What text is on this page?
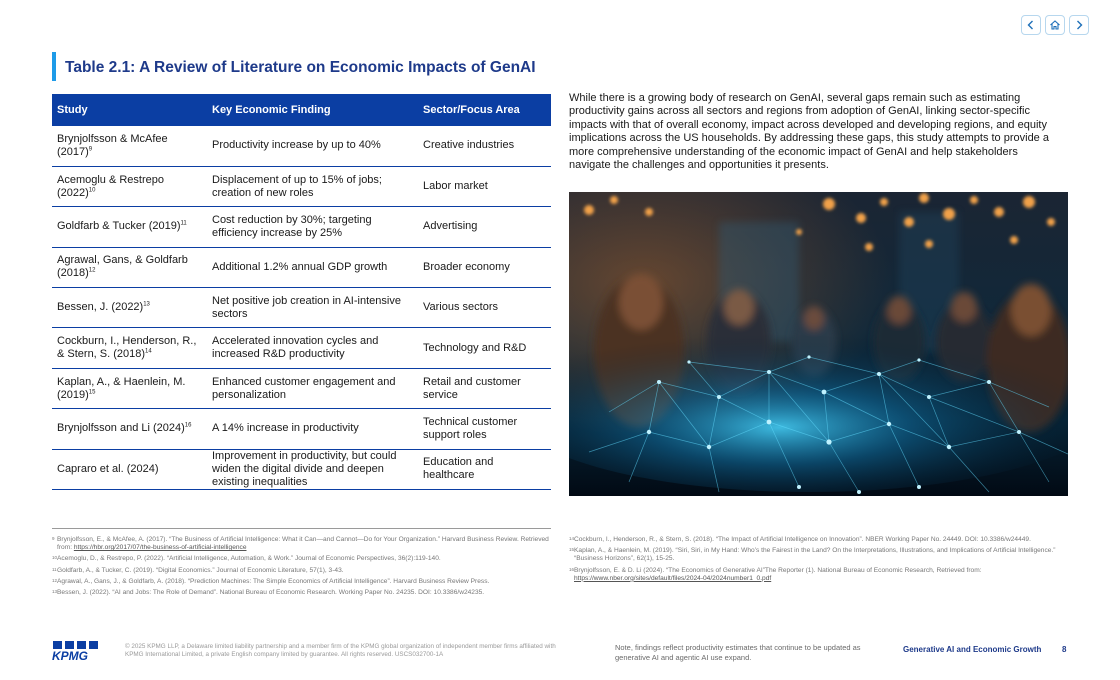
Table 2.1: A Review of Literature on Economic Impacts of GenAI
Study	Key Economic Finding	Sector/Focus Area
Brynjolfsson & McAfee $(2017)^9$	Productivity increase by up to 40%	Creative industries
Acemoglu & Restrepo $(2022)^{10}$	Displacement of up to 15% of jobs; creation of new roles	Labor market
Goldfarb & Tucker $(2019)^{11}$	Cost reduction by 30%; targeting efficiency increase by 25%	Advertising
Agrawal, Gans, & Goldfarb $(2018)^{12}$	Additional 1.2% annual GDP growth	Broader economy
Bessen, J. $(2022)^{13}$	Net positive job creation in AI-intensive sectors	Various sectors
Cockburn, I., Henderson, R., & Stern, S. $(2018)^{14}$	Accelerated innovation cycles and increased R&D productivity	Technology and R&D
Kaplan, A., & Haenlein, M. $(2019)^{15}$	Enhanced customer engagement and personalization	Retail and customer service
Brynjolfsson and Li $(2024)^{16}$	A 14% increase in productivity	Technical customer support roles
Capraro et al. (2024)	Improvement in productivity, but could widen the digital divide and deepen existing inequalities	Education and healthcare

While there is a growing body of research on GenAI, several gaps remain such as estimating productivity gains across all sectors and regions from adoption of GenAI, linking sector-specific impacts with that of overall economy, impact across developed and developing regions, and equity implications across the US households. By addressing these gaps, this study attempts to provide a more comprehensive understanding of the economic impact of GenAI and help stakeholders navigate the challenges and opportunities it presents.

9 Brynjolfsson, E., & McAfee, A. (2017). “The Business of Artificial Intelligence: What it Can—and Cannot—Do for Your Organization.” Harvard Business Review. Retrieved from: https://hbr.org/2017/07/the-business-of-artificial-intelligence
10 Acemoglu, D., & Restrepo, P. (2022). “Artificial Intelligence, Automation, & Work.” Journal of Economic Perspectives, 36(2):119-140.
11 Goldfarb, A., & Tucker, C. (2019). “Digital Economics.” Journal of Economic Literature, 57(1), 3-43.
12 Agrawal, A., Gans, J., & Goldfarb, A. (2018). “Prediction Machines: The Simple Economics of Artificial Intelligence”. Harvard Business Review Press.
13 Bessen, J. (2022). “AI and Jobs: The Role of Demand”. National Bureau of Economic Research. Working Paper No. 24235. DOI: 10.3386/w24235.
14 Cockburn, I., Henderson, R., & Stern, S. (2018). “The Impact of Artificial Intelligence on Innovation”. NBER Working Paper No. 24449. DOI: 10.3386/w24449.
15 Kaplan, A., & Haenlein, M. (2019). “Siri, Siri, in My Hand: Who’s the Fairest in the Land? On the Interpretations, Illustrations, and Implications of Artificial Intelligence.” “Business Horizons”, 62(1), 15-25.
16 Brynjolfsson, E. & D. Li (2024). “The Economics of Generative AI”The Reporter (1). National Bureau of Economic Research, Retrieved from: https://www.nber.org/sites/default/files/2024-04/2024number1_0.pdf
KPMG
© 2025 KPMG LLP, a Delaware limited liability partnership and a member firm of the KPMG global organization of independent member firms affiliated with KPMG International Limited, a private English company limited by guarantee. All rights reserved. USCS032700-1A
Note, findings reflect productivity estimates that continue to be updated as generative AI and agentic AI use expand.
Generative AI and Economic Growth	8
